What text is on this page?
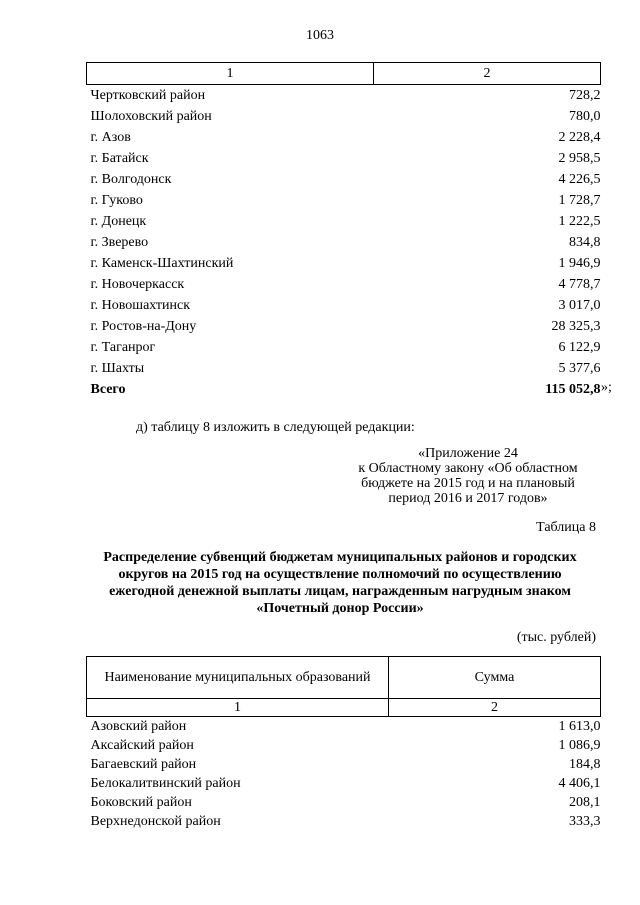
1063
1	2
Чертковский район	728,2
Шолоховский район	780,0
г. Азов	2 228,4
г. Батайск	2 958,5
г. Волгодонск	4 226,5
г. Гуково	1 728,7
г. Донецк	1 222,5
г. Зверево	834,8
г. Каменск-Шахтинский	1 946,9
г. Новочеркасск	4 778,7
г. Новошахтинск	3 017,0
г. Ростов-на-Дону	28 325,3
г. Таганрог	6 122,9
г. Шахты	5 377,6
Всего	115 052,8 »;
д) таблицу 8 изложить в следующей редакции:
«Приложение 24
к Областному закону «Об областном бюджете на 2015 год и на плановый период 2016 и 2017 годов»
Таблица 8
Распределение субвенций бюджетам муниципальных районов и городских округов на 2015 год на осуществление полномочий по осуществлению ежегодной денежной выплаты лицам, награжденным нагрудным знаком «Почетный донор России»
(тыс. рублей)
Наименование муниципальных образований	Сумма
1	2
Азовский район	1 613,0
Аксайский район	1 086,9
Багаевский район	184,8
Белокалитвинский район	4 406,1
Боковский район	208,1
Верхнедонской район	333,3
